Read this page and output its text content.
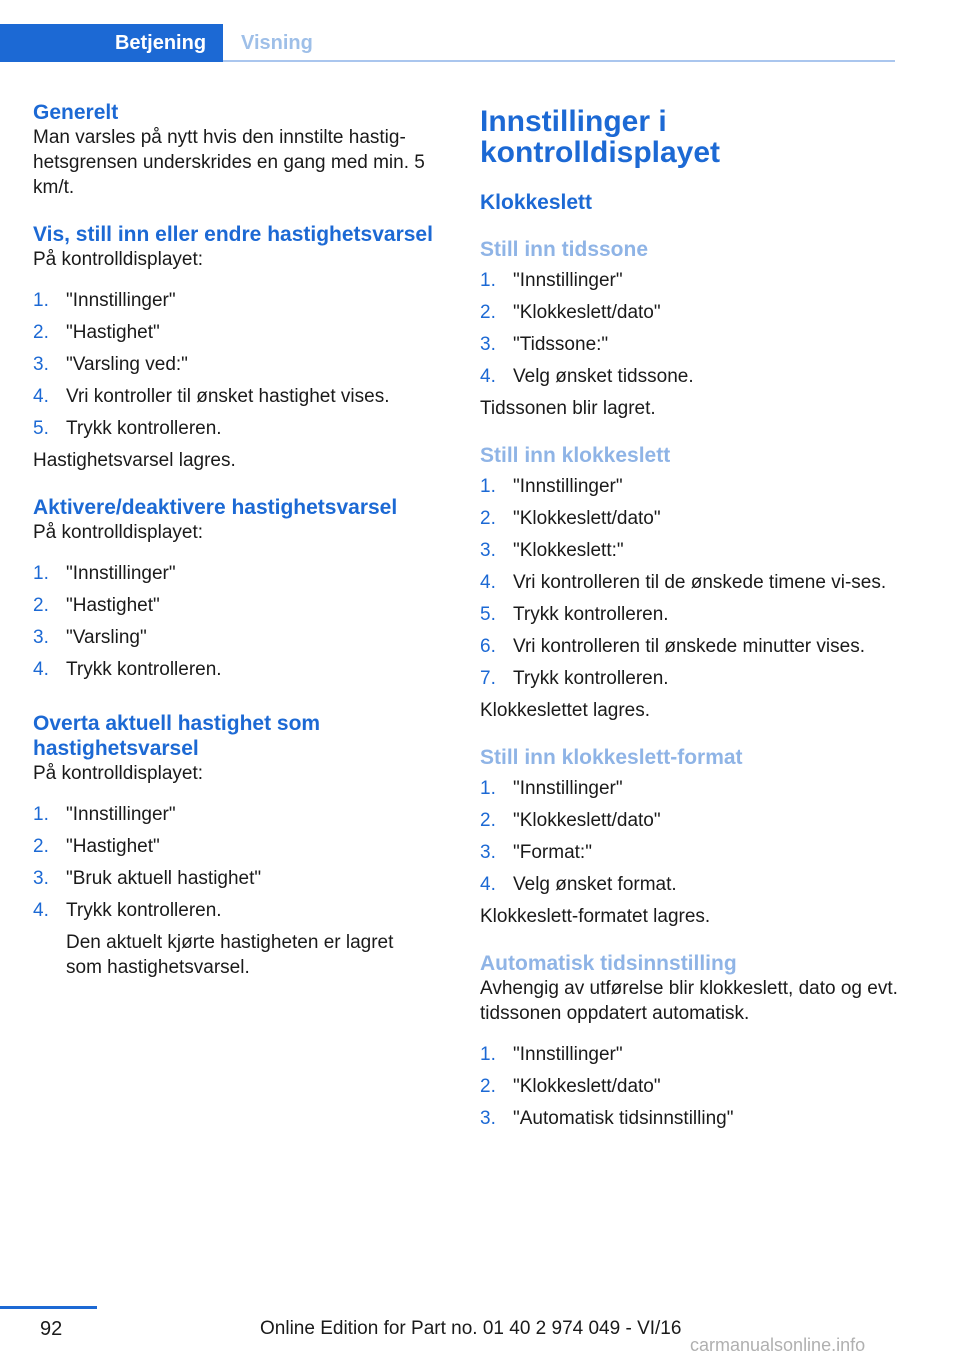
Betjening	Visning
Generelt

Man varsles på nytt hvis den innstilte hastig-hetsgrensen underskrides en gang med min. 5 km/t.

Vis, still inn eller endre hastighetsvarsel

På kontrolldisplayet:

1. "Innstillinger"
2. "Hastighet"
3. "Varsling ved:"
4. Vri kontroller til ønsket hastighet vises.
5. Trykk kontrolleren.

Hastighetsvarsel lagres.

Aktivere/deaktivere hastighetsvarsel

På kontrolldisplayet:

1. "Innstillinger"
2. "Hastighet"
3. "Varsling"
4. Trykk kontrolleren.
Overta aktuell hastighet som hastighetsvarsel

På kontrolldisplayet:

1. "Innstillinger"
2. "Hastighet"
3. "Bruk aktuell hastighet"
4. Trykk kontrolleren.
Den aktuelt kjørte hastigheten er lagret som hastighetsvarsel.
Innstillinger i kontrolldisplayet
Klokkeslett
Still inn tidssone
1. "Innstillinger"
2. "Klokkeslett/dato"
3. "Tidssone:"
4. Velg ønsket tidssone.

Tidssonen blir lagret.

Still inn klokkeslett
1. "Innstillinger"
2. "Klokkeslett/dato"
3. "Klokkeslett:"
4. Vri kontrolleren til de ønskede timene vi-ses.
5. Trykk kontrolleren.
6. Vri kontrolleren til ønskede minutter vises.
7. Trykk kontrolleren.

Klokkeslettet lagres.

Still inn klokkeslett-format
1. "Innstillinger"
2. "Klokkeslett/dato"
3. "Format:"
4. Velg ønsket format.

Klokkeslett-formatet lagres.

Automatisk tidsinnstilling

Avhengig av utførelse blir klokkeslett, dato og evt. tidssonen oppdatert automatisk.

1. "Innstillinger"
2. "Klokkeslett/dato"
3. "Automatisk tidsinnstilling"
92	Online Edition for Part no. 01 40 2 974 049 - VI/16
carmanualsonline.info
